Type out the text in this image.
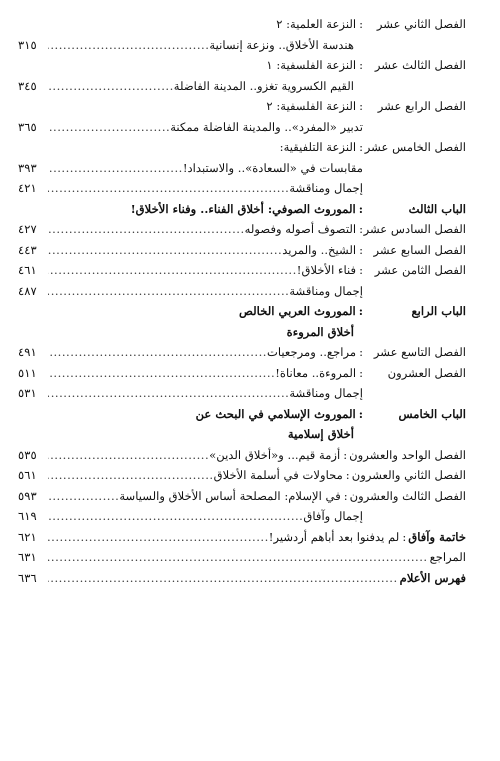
الفصل الثاني عشر
:
النزعة العلمية: ٢
هندسة الأخلاق.. ونزعة إنسانية
.....
٣١٥
الفصل الثالث عشر
:
النزعة الفلسفية: ١
القيم الكسروية تغزو.. المدينة الفاضلة
.....
٣٤٥
الفصل الرابع عشر
:
النزعة الفلسفية: ٢
تدبير «المفرد».. والمدينة الفاضلة ممكنة
.....
٣٦٥
الفصل الخامس عشر
:
النزعة التلفيقية:
مقابسات في «السعادة».. والاستبداد!
.....
٣٩٣
إجمال ومناقشة
.....
٤٢١
الباب الثالث
:
الموروث الصوفي: أخلاق الفناء.. وفناء الأخلاق!
الفصل السادس عشر
:
التصوف أصوله وفصوله
.....
٤٢٧
الفصل السابع عشر
:
الشيخ.. والمريد
.....
٤٤٣
الفصل الثامن عشر
:
فناء الأخلاق!
.....
٤٦١
إجمال ومناقشة
.....
٤٨٧
الباب الرابع
:
الموروث العربي الخالص
أخلاق المروءة
الفصل التاسع عشر
:
مراجع.. ومرجعيات
.....
٤٩١
الفصل العشرون
:
المروءة.. معاناة!
.....
٥١١
إجمال ومناقشة
.....
٥٣١
الباب الخامس
:
الموروث الإسلامي في البحث عن
أخلاق إسلامية
الفصل الواحد والعشرون
:
أزمة قيم... و«أخلاق الدين»
.....
٥٣٥
الفصل الثاني والعشرون
:
محاولات في أسلمة الأخلاق
.....
٥٦١
الفصل الثالث والعشرون
:
في الإسلام: المصلحة أساس الأخلاق والسياسة
.....
٥٩٣
إجمال وآفاق
.....
٦١٩
خاتمة وآفاق
:
لم يدفنوا بعد أباهم أردشير!
.....
٦٢١
المراجع
.....
٦٣١
فهرس الأعلام
.....
٦٣٦
